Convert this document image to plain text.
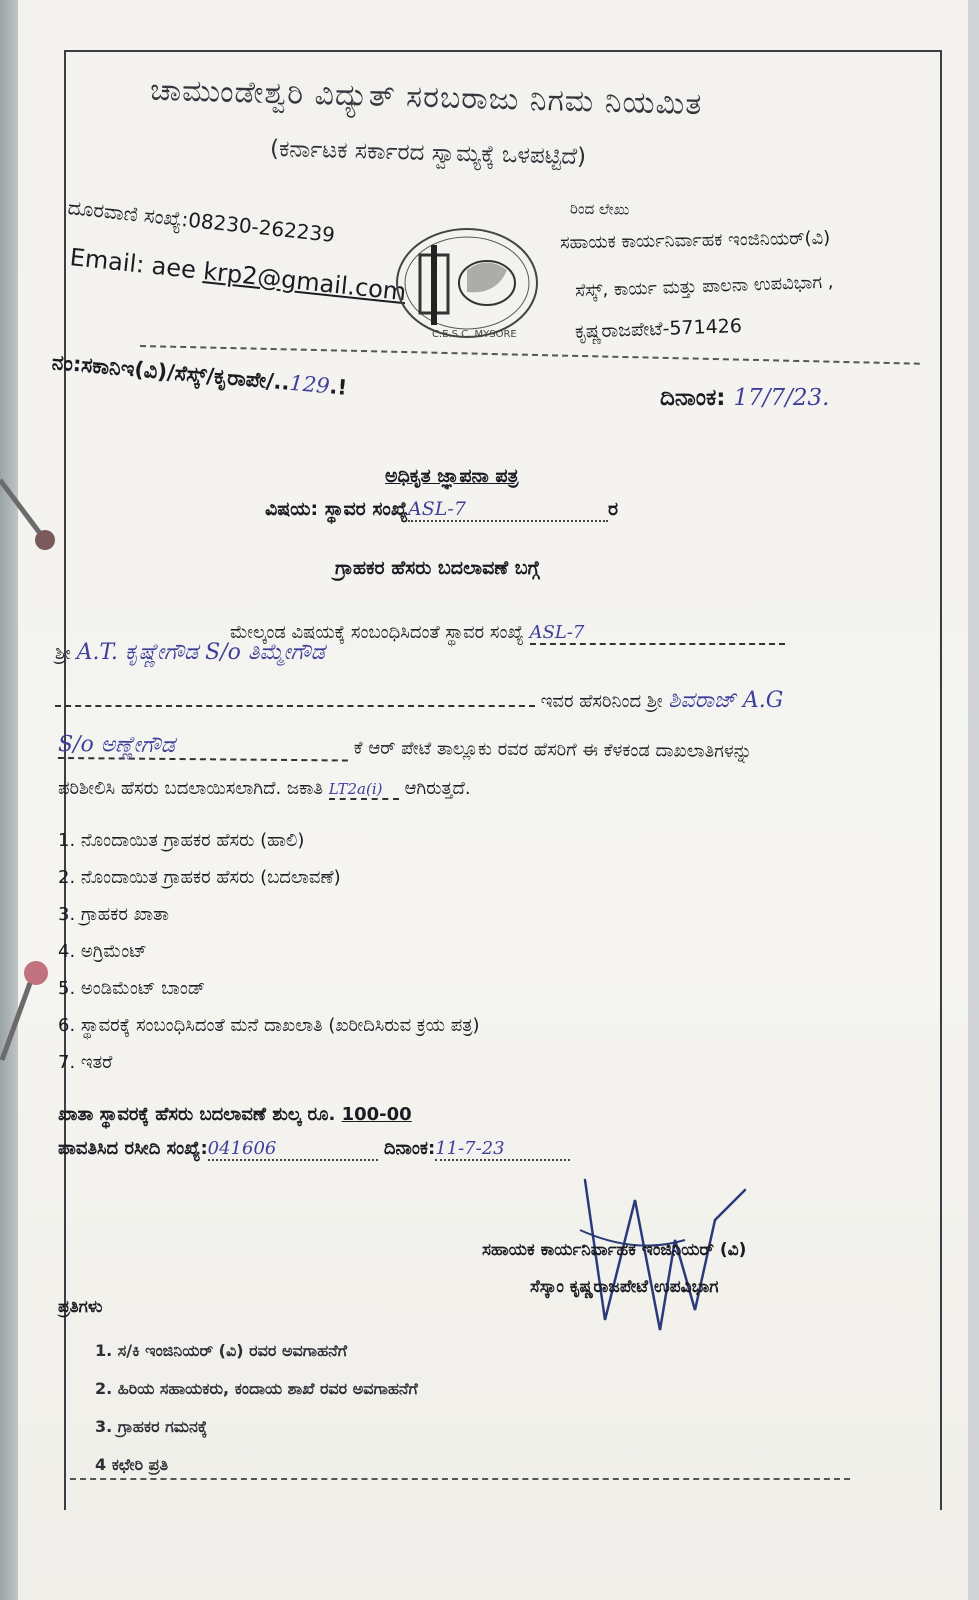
ಚಾಮುಂಡೇಶ್ವರಿ ವಿದ್ಯುತ್ ಸರಬರಾಜು ನಿಗಮ ನಿಯಮಿತ
(ಕರ್ನಾಟಕ ಸರ್ಕಾರದ ಸ್ವಾಮ್ಯಕ್ಕೆ ಒಳಪಟ್ಟಿದೆ)
ದೂರವಾಣಿ ಸಂಖ್ಯೆ:08230-262239
Email: aee krp2@gmail.com
C.E.S.C. MYSORE
ರಿಂದ ಲೇಖು
ಸಹಾಯಕ ಕಾರ್ಯನಿರ್ವಾಹಕ ಇಂಜಿನಿಯರ್(ವಿ)
ಸೆಸ್ಕ್, ಕಾರ್ಯ ಮತ್ತು ಪಾಲನಾ ಉಪವಿಭಾಗ ,
ಕೃಷ್ಣರಾಜಪೇಟೆ-571426
ನಂ:ಸಕಾನಿಇ(ವಿ)/ಸೆಸ್ಕ್/ಕೃರಾಪೇ/..129.!	ದಿನಾಂಕ: 17/7/23.
ಅಧಿಕೃತ ಜ್ಞಾಪನಾ ಪತ್ರ
ವಿಷಯ: ಸ್ಥಾವರ ಸಂಖ್ಯೆASL-7	ರ
ಗ್ರಾಹಕರ ಹೆಸರು ಬದಲಾವಣೆ ಬಗ್ಗೆ
ಮೇಲ್ಕಂಡ ವಿಷಯಕ್ಕೆ ಸಂಬಂಧಿಸಿದಂತೆ ಸ್ಥಾವರ ಸಂಖ್ಯೆ ASL-7
ಶ್ರೀ A.T. ಕೃಷ್ಣೇಗೌಡ S/o ತಿಮ್ಮೇಗೌಡ
ಇವರ ಹೆಸರಿನಿಂದ ಶ್ರೀ ಶಿವರಾಜ್ A.G
S/o ಅಣ್ಣೇಗೌಡ	ಕೆ ಆರ್ ಪೇಟೆ ತಾಲ್ಲೂಕು ರವರ ಹೆಸರಿಗೆ ಈ ಕೆಳಕಂಡ ದಾಖಲಾತಿಗಳನ್ನು
ಪರಿಶೀಲಿಸಿ ಹೆಸರು ಬದಲಾಯಿಸಲಾಗಿದೆ. ಜಕಾತಿ LT2a(i) ಆಗಿರುತ್ತದೆ.
1. ನೊಂದಾಯಿತ ಗ್ರಾಹಕರ ಹೆಸರು (ಹಾಲಿ)
2. ನೊಂದಾಯಿತ ಗ್ರಾಹಕರ ಹೆಸರು (ಬದಲಾವಣೆ)
3. ಗ್ರಾಹಕರ ಖಾತಾ
4. ಅಗ್ರಿಮೆಂಟ್
5. ಅಂಡಿಮೆಂಟ್ ಬಾಂಡ್
6. ಸ್ಥಾವರಕ್ಕೆ ಸಂಬಂಧಿಸಿದಂತೆ ಮನೆ ದಾಖಲಾತಿ (ಖರೀದಿಸಿರುವ ಕ್ರಯ ಪತ್ರ)
7. ಇತರೆ
ಖಾತಾ ಸ್ಥಾವರಕ್ಕೆ ಹೆಸರು ಬದಲಾವಣೆ ಶುಲ್ಕ ರೂ. 100-00
ಪಾವತಿಸಿದ ರಸೀದಿ ಸಂಖ್ಯೆ:041606	ದಿನಾಂಕ:11-7-23
ಸಹಾಯಕ ಕಾರ್ಯನಿರ್ವಾಹಕ ಇಂಜಿನಿಯರ್ (ವಿ)
ಸೆಸ್ಕಾಂ ಕೃಷ್ಣರಾಜಪೇಟೆ ಉಪವಿಭಾಗ
ಪ್ರತಿಗಳು
1. ಸ/ಕಿ ಇಂಜಿನಿಯರ್ (ವಿ) ರವರ ಅವಗಾಹನೆಗೆ
2. ಹಿರಿಯ ಸಹಾಯಕರು, ಕಂದಾಯ ಶಾಖೆ ರವರ ಅವಗಾಹನೆಗೆ
3. ಗ್ರಾಹಕರ ಗಮನಕ್ಕೆ
4 ಕಛೇರಿ ಪ್ರತಿ
